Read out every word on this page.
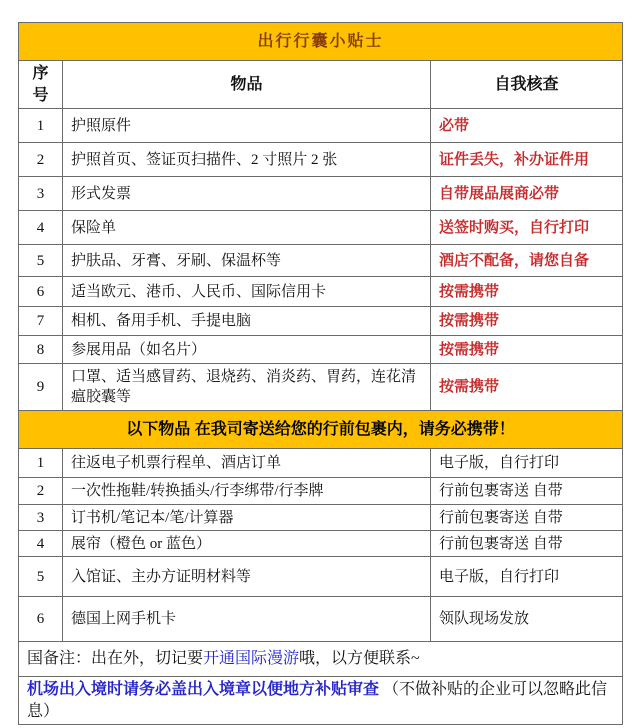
出行行囊小贴士		
序号	物品	自我核查
1	护照原件	必带
2	护照首页、签证页扫描件、2 寸照片 2 张	证件丢失，补办证件用
3	形式发票	自带展品展商必带
4	保险单	送签时购买，自行打印
5	护肤品、牙膏、牙刷、保温杯等	酒店不配备，请您自备
6	适当欧元、港币、人民币、国际信用卡	按需携带
7	相机、备用手机、手提电脑	按需携带
8	参展用品（如名片）	按需携带
9	口罩、适当感冒药、退烧药、消炎药、胃药，连花清瘟胶囊等	按需携带
以下物品 在我司寄送给您的行前包裹内，请务必携带！		
1	往返电子机票行程单、酒店订单	电子版，自行打印
2	一次性拖鞋/转换插头/行李绑带/行李牌	行前包裹寄送 自带
3	订书机/笔记本/笔/计算器	行前包裹寄送 自带
4	展帘（橙色 or 蓝色）	行前包裹寄送 自带
5	入馆证、主办方证明材料等	电子版，自行打印
6	德国上网手机卡	领队现场发放
国备注：出在外，切记要开通国际漫游哦，以方便联系~		
机场出入境时请务必盖出入境章以便地方补贴审查 （不做补贴的企业可以忽略此信息）		
